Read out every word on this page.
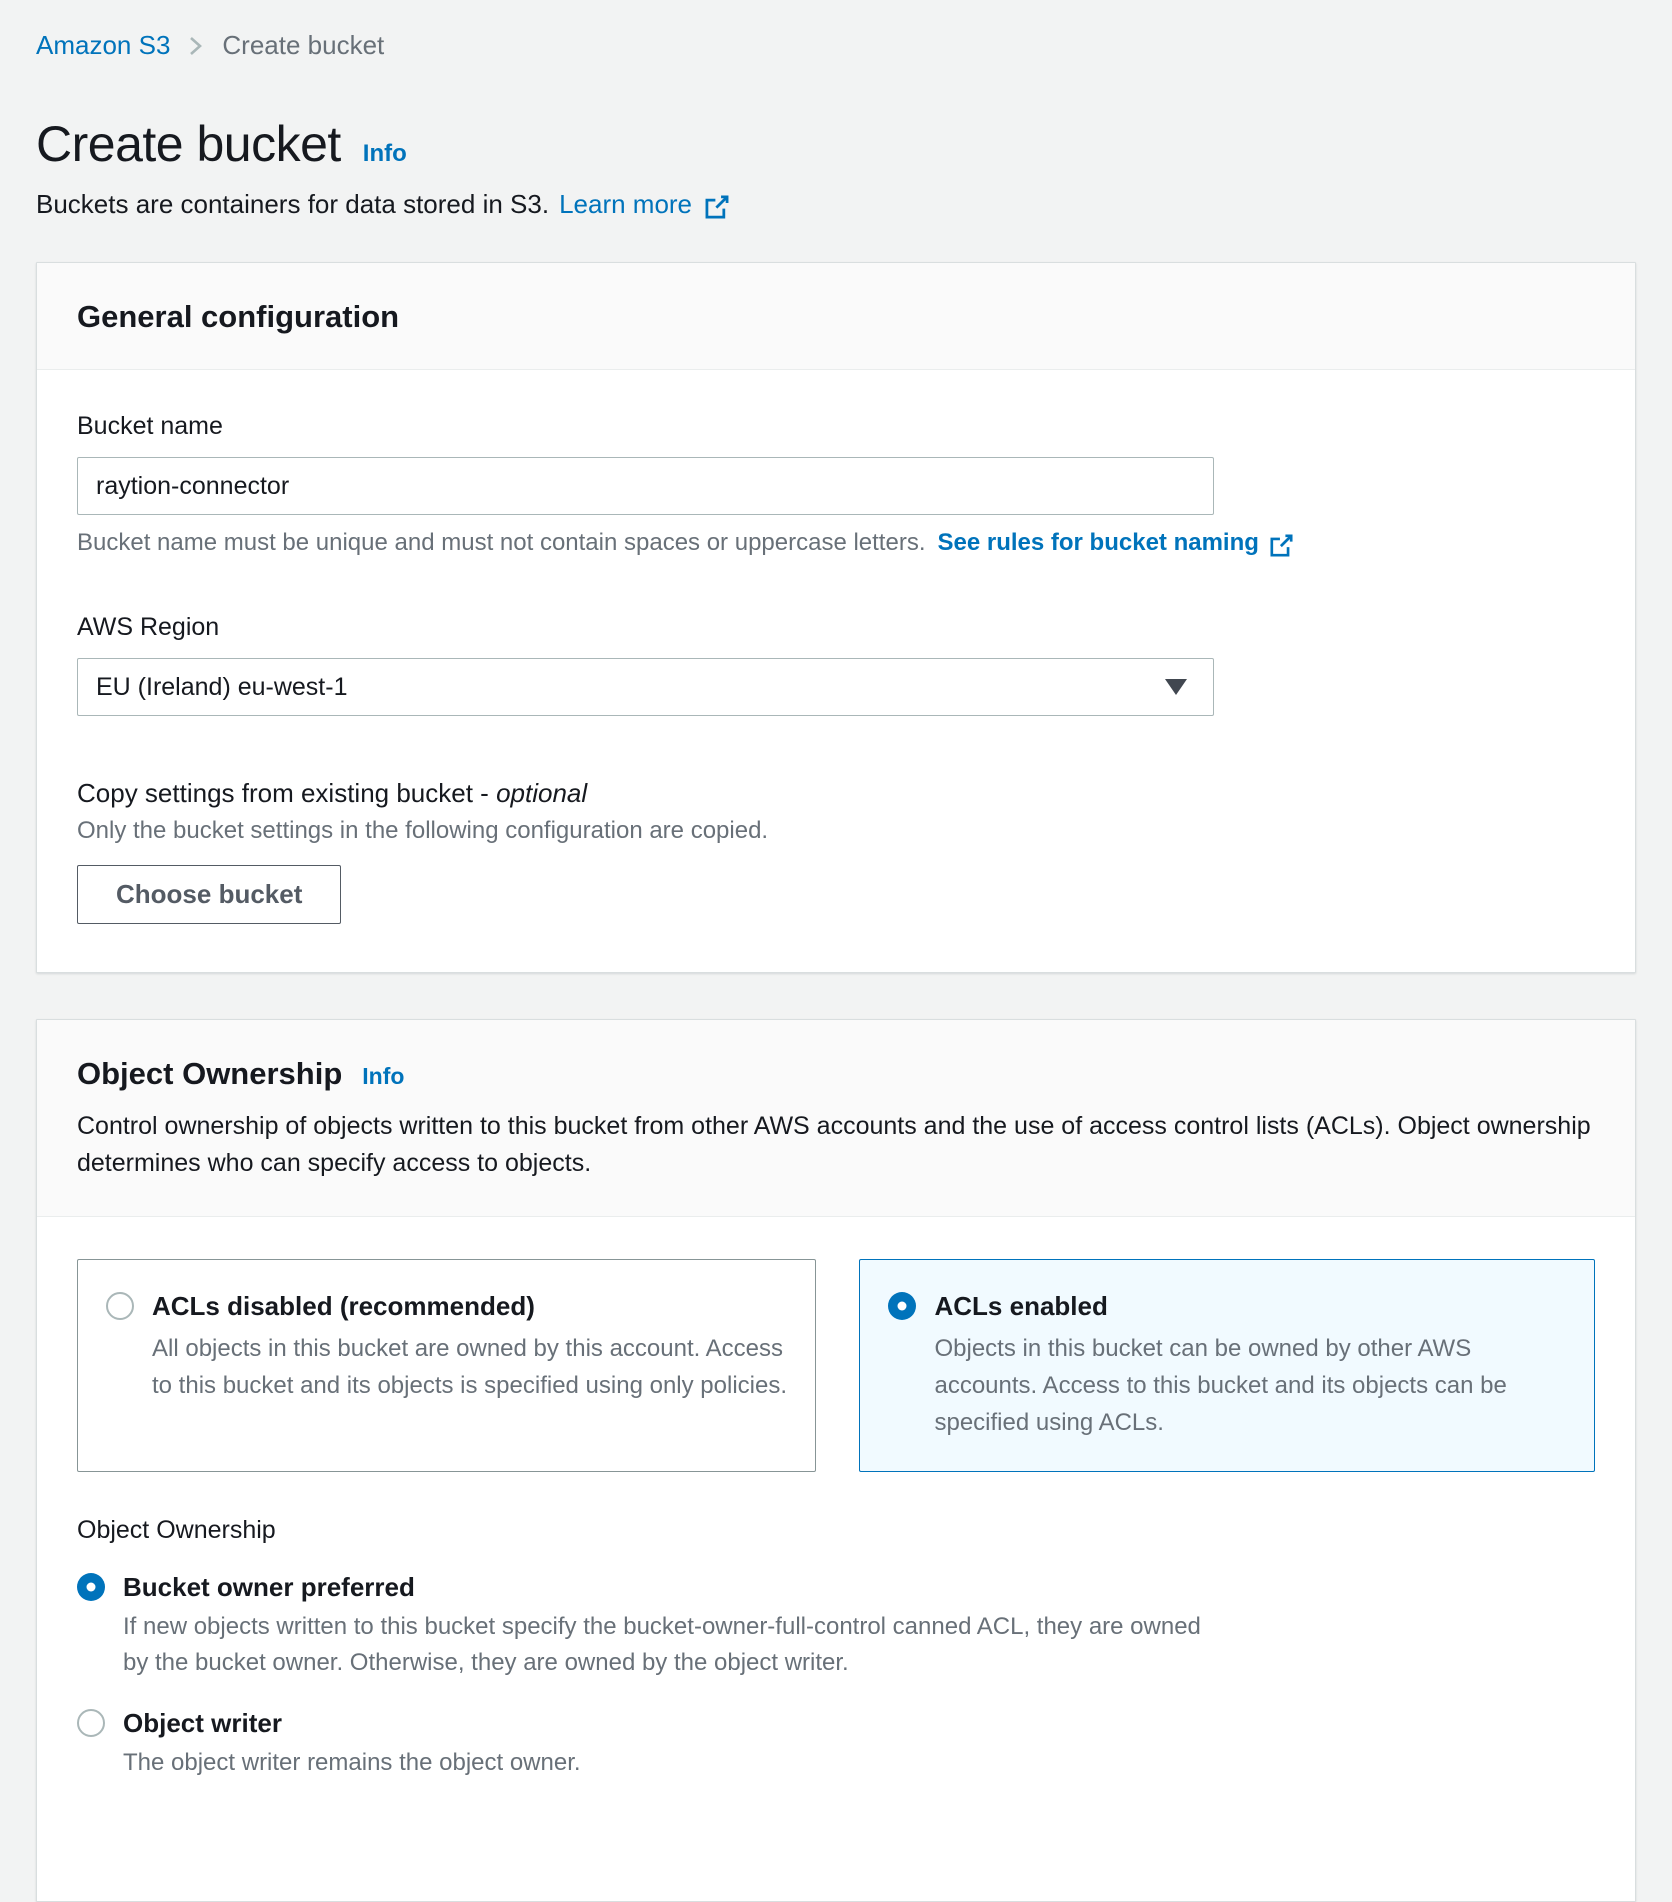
Amazon S3 Create bucket
Create bucket Info

Buckets are containers for data stored in S3. Learn more

General configuration
Bucket name
raytion-connector
Bucket name must be unique and must not contain spaces or uppercase letters. See rules for bucket naming
AWS Region
EU (Ireland) eu-west-1
Copy settings from existing bucket - optional
Only the bucket settings in the following configuration are copied.
Choose bucket
Object Ownership Info

Control ownership of objects written to this bucket from other AWS accounts and the use of access control lists (ACLs). Object ownership determines who can specify access to objects.

ACLs disabled (recommended)
All objects in this bucket are owned by this account. Access to this bucket and its objects is specified using only policies.
ACLs enabled
Objects in this bucket can be owned by other AWS accounts. Access to this bucket and its objects can be specified using ACLs.
Object Ownership
Bucket owner preferred
If new objects written to this bucket specify the bucket-owner-full-control canned ACL, they are owned by the bucket owner. Otherwise, they are owned by the object writer.
Object writer
The object writer remains the object owner.
